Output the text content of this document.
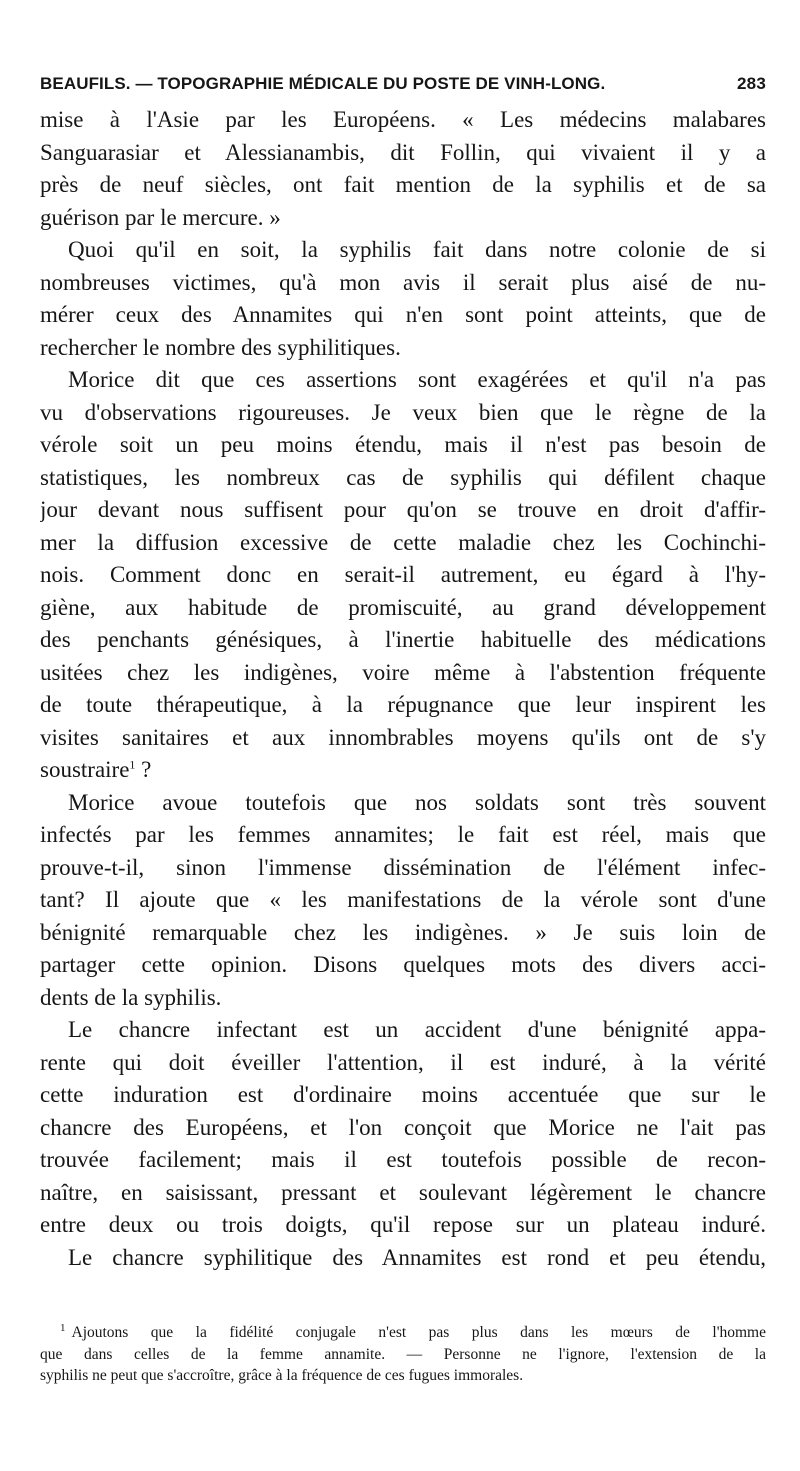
BEAUFILS. — TOPOGRAPHIE MÉDICALE DU POSTE DE VINH-LONG.	283
mise à l'Asie par les Européens. « Les médecins malabares
Sanguarasiar et Alessianambis, dit Follin, qui vivaient il y a
près de neuf siècles, ont fait mention de la syphilis et de sa
guérison par le mercure. »
Quoi qu'il en soit, la syphilis fait dans notre colonie de si
nombreuses victimes, qu'à mon avis il serait plus aisé de nu-
mérer ceux des Annamites qui n'en sont point atteints, que de
rechercher le nombre des syphilitiques.
Morice dit que ces assertions sont exagérées et qu'il n'a pas
vu d'observations rigoureuses. Je veux bien que le règne de la
vérole soit un peu moins étendu, mais il n'est pas besoin de
statistiques, les nombreux cas de syphilis qui défilent chaque
jour devant nous suffisent pour qu'on se trouve en droit d'affir-
mer la diffusion excessive de cette maladie chez les Cochinchi-
nois. Comment donc en serait-il autrement, eu égard à l'hy-
giène, aux habitude de promiscuité, au grand développement
des penchants génésiques, à l'inertie habituelle des médications
usitées chez les indigènes, voire même à l'abstention fréquente
de toute thérapeutique, à la répugnance que leur inspirent les
visites sanitaires et aux innombrables moyens qu'ils ont de s'y
soustraire$^1$ ?
Morice avoue toutefois que nos soldats sont très souvent
infectés par les femmes annamites; le fait est réel, mais que
prouve-t-il, sinon l'immense dissémination de l'élément infec-
tant? Il ajoute que « les manifestations de la vérole sont d'une
bénignité remarquable chez les indigènes. » Je suis loin de
partager cette opinion. Disons quelques mots des divers acci-
dents de la syphilis.
Le chancre infectant est un accident d'une bénignité appa-
rente qui doit éveiller l'attention, il est induré, à la vérité
cette induration est d'ordinaire moins accentuée que sur le
chancre des Européens, et l'on conçoit que Morice ne l'ait pas
trouvée facilement; mais il est toutefois possible de recon-
naître, en saisissant, pressant et soulevant légèrement le chancre
entre deux ou trois doigts, qu'il repose sur un plateau induré.
Le chancre syphilitique des Annamites est rond et peu étendu,
$^1$ Ajoutons que la fidélité conjugale n'est pas plus dans les mœurs de l'homme
que dans celles de la femme annamite. — Personne ne l'ignore, l'extension de la
syphilis ne peut que s'accroître, grâce à la fréquence de ces fugues immorales.
